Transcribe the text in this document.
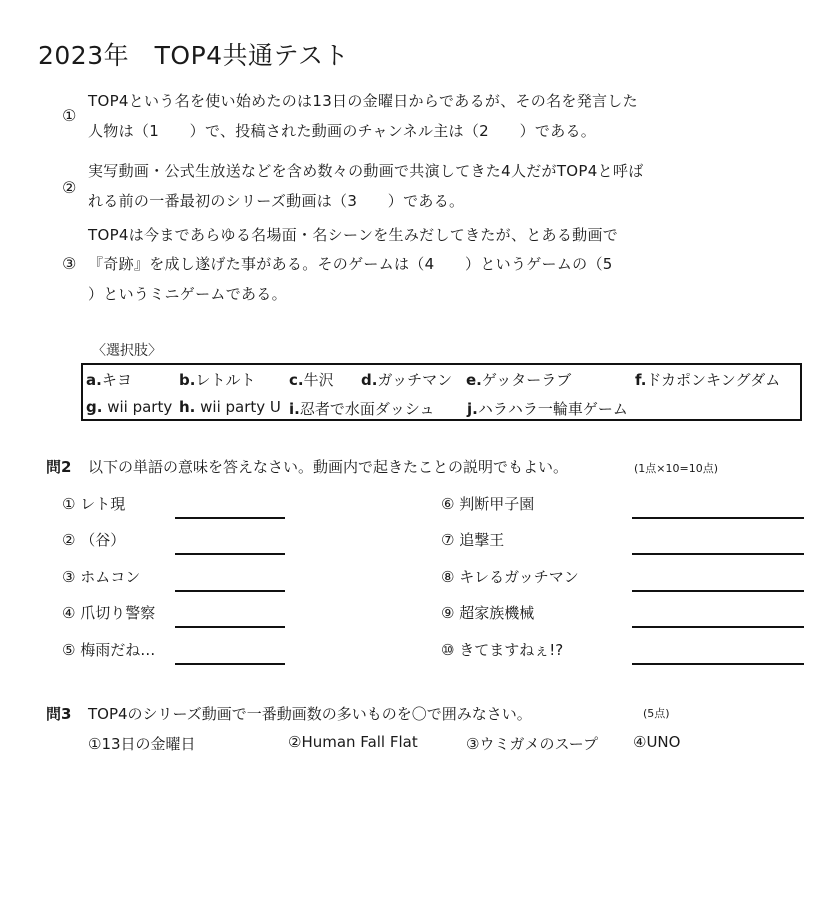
2023年　TOP4共通テスト
①
TOP4という名を使い始めたのは13日の金曜日からであるが、その名を発言した
人物は（1　　）で、投稿された動画のチャンネル主は（2　　）である。
②
実写動画・公式生放送などを含め数々の動画で共演してきた4人だがTOP4と呼ば
れる前の一番最初のシリーズ動画は（3　　）である。
③
TOP4は今まであらゆる名場面・名シーンを生みだしてきたが、とある動画で
『奇跡』を成し遂げた事がある。そのゲームは（4　　）というゲームの（5
）というミニゲームである。
〈選択肢〉
a.キヨ	b.レトルト c.牛沢 d.ガッチマン e.ゲッターラブ	f.ドカポンキングダム
g. wii party h. wii party U i.忍者で水面ダッシュ j.ハラハラ一輪車ゲーム
問2 以下の単語の意味を答えなさい。動画内で起きたことの説明でもよい。	(1点×10=10点)
① レト現
② （谷）
③ ホムコン
④ 爪切り警察
⑤ 梅雨だね…
⑥ 判断甲子園
⑦ 追撃王
⑧ キレるガッチマン
⑨ 超家族機械
⑩ きてますねぇ!?
問3 TOP4のシリーズ動画で一番動画数の多いものを〇で囲みなさい。	(5点)
①13日の金曜日	②Human Fall Flat	③ウミガメのスープ ④UNO
